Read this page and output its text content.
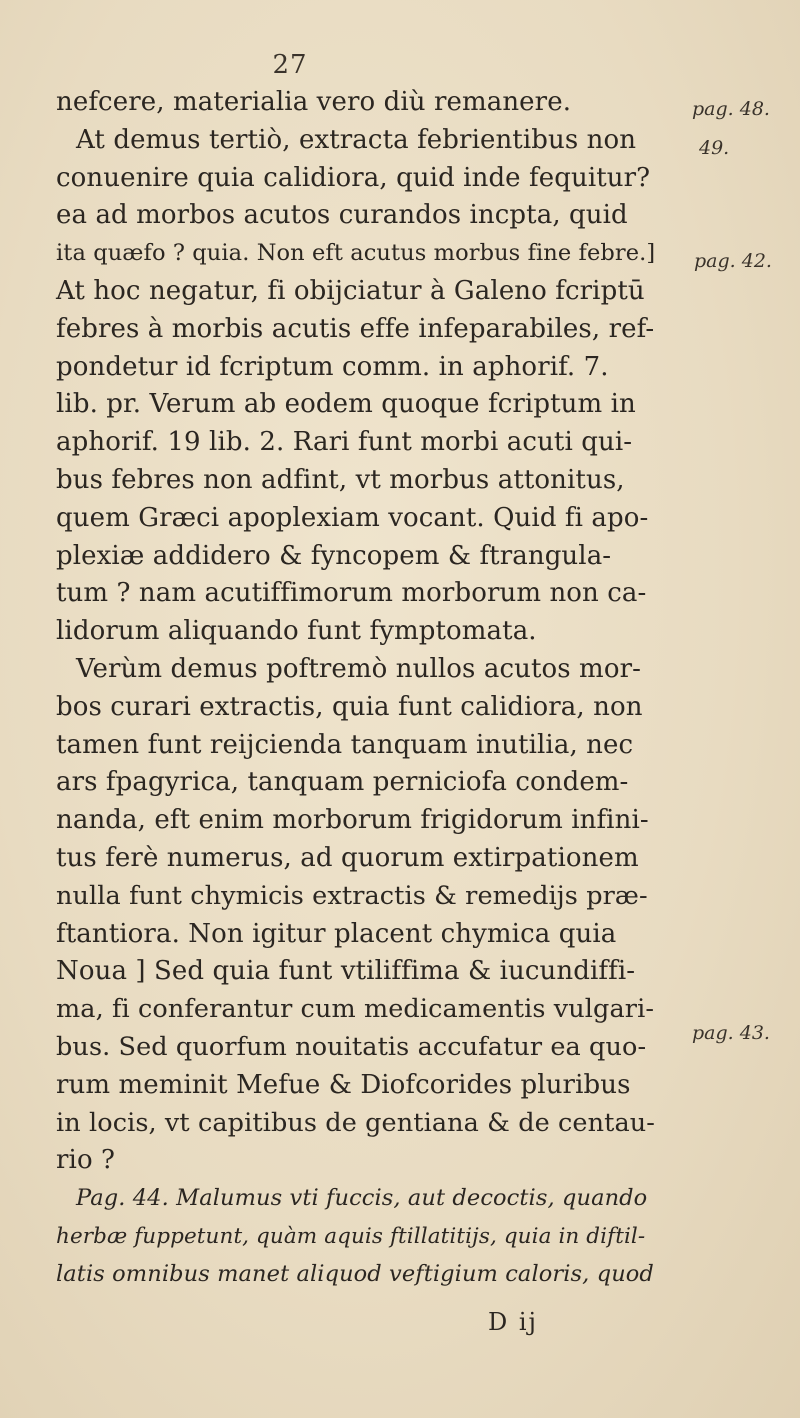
27
pag. 48.
49.
pag. 42.
pag. 43.
nefcere, materialia vero diù remanere.
At demus tertiò, extracta febrientibus non
conuenire quia calidiora, quid inde fequitur?
ea ad morbos acutos curandos incpta, quid
ita quæfo ? quia. Non eft acutus morbus fine febre.]
At hoc negatur, fi obijciatur à Galeno fcriptū
febres à morbis acutis effe infeparabiles, ref-
pondetur id fcriptum comm. in aphorif. 7.
lib. pr. Verum ab eodem quoque fcriptum in
aphorif. 19 lib. 2. Rari funt morbi acuti qui-
bus febres non adfint, vt morbus attonitus,
quem Græci apoplexiam vocant. Quid fi apo-
plexiæ addidero & fyncopem & ftrangula-
tum ? nam acutiffimorum morborum non ca-
lidorum aliquando funt fymptomata.
Verùm demus poftremò nullos acutos mor-
bos curari extractis, quia funt calidiora, non
tamen funt reijcienda tanquam inutilia, nec
ars fpagyrica, tanquam perniciofa condem-
nanda, eft enim morborum frigidorum infini-
tus ferè numerus, ad quorum extirpationem
nulla funt chymicis extractis & remedijs præ-
ftantiora. Non igitur placent chymica quia
Noua ] Sed quia funt vtiliffima & iucundiffi-
ma, fi conferantur cum medicamentis vulgari-
bus. Sed quorfum nouitatis accufatur ea quo-
rum meminit Mefue & Diofcorides pluribus
in locis, vt capitibus de gentiana & de centau-
rio ?
Pag. 44. Malumus vti fuccis, aut decoctis, quando
herbæ fuppetunt, quàm aquis ftillatitijs, quia in diftil-
latis omnibus manet aliquod veftigium caloris, quod
D ij
